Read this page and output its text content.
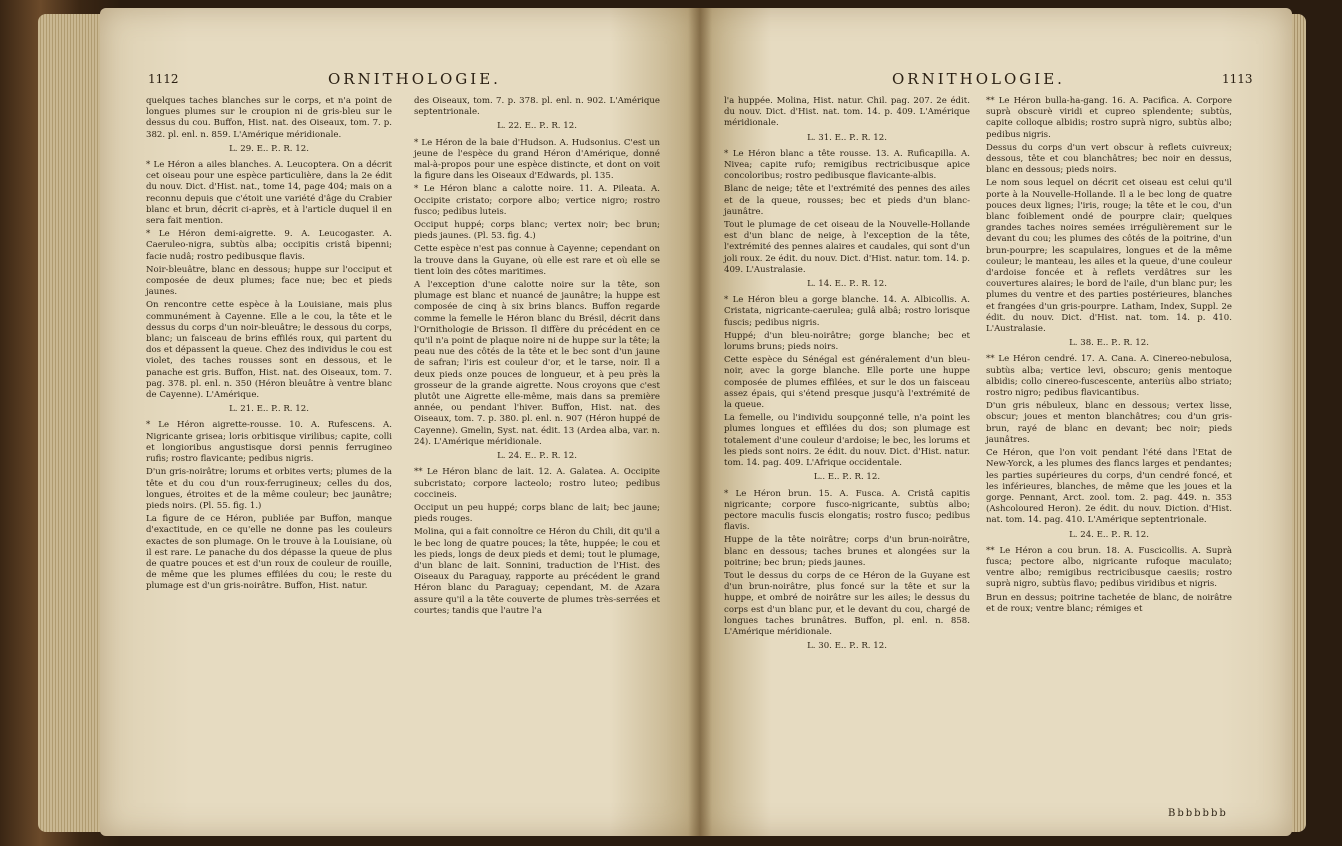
1112	ORNITHOLOGIE.

quelques taches blanches sur le corps, et n'a point de longues plumes sur le croupion ni de gris-bleu sur le dessus du cou. Buffon, Hist. nat. des Oiseaux, tom. 7. p. 382. pl. enl. n. 859. L'Amérique méridionale.

L. 29. E.. P.. R. 12.

* Le Héron a ailes blanches. A. Leucoptera. On a décrit cet oiseau pour une espèce particulière, dans la 2e édit du nouv. Dict. d'Hist. nat., tome 14, page 404; mais on a reconnu depuis que c'étoit une variété d'âge du Crabier blanc et brun, décrit ci-après, et à l'article duquel il en sera fait mention.

* Le Héron demi-aigrette. 9. A. Leucogaster. A. Caeruleo-nigra, subtùs alba; occipitis cristâ bipenni; facie nudâ; rostro pedibusque flavis.

Noir-bleuâtre, blanc en dessous; huppe sur l'occiput et composée de deux plumes; face nue; bec et pieds jaunes.

On rencontre cette espèce à la Louisiane, mais plus communément à Cayenne. Elle a le cou, la tête et le dessus du corps d'un noir-bleuâtre; le dessous du corps, blanc; un faisceau de brins effilés roux, qui partent du dos et dépassent la queue. Chez des individus le cou est violet, des taches rousses sont en dessous, et le panache est gris. Buffon, Hist. nat. des Oiseaux, tom. 7. pag. 378. pl. enl. n. 350 (Héron bleuâtre à ventre blanc de Cayenne). L'Amérique.

L. 21. E.. P.. R. 12.

* Le Héron aigrette-rousse. 10. A. Rufescens. A. Nigricante grisea; loris orbitisque virilibus; capite, colli et longioribus angustisque dorsi pennis ferrugineo rufis; rostro flavicante; pedibus nigris.

D'un gris-noirâtre; lorums et orbites verts; plumes de la tête et du cou d'un roux-ferrugineux; celles du dos, longues, étroites et de la même couleur; bec jaunâtre; pieds noirs. (Pl. 55. fig. 1.)

La figure de ce Héron, publiée par Buffon, manque d'exactitude, en ce qu'elle ne donne pas les couleurs exactes de son plumage. On le trouve à la Louisiane, où il est rare. Le panache du dos dépasse la queue de plus de quatre pouces et est d'un roux de couleur de rouille, de même que les plumes effilées du cou; le reste du plumage est d'un gris-noirâtre. Buffon, Hist. natur.

des Oiseaux, tom. 7. p. 378. pl. enl. n. 902. L'Amérique septentrionale.

L. 22. E.. P.. R. 12.

* Le Héron de la baie d'Hudson. A. Hudsonius. C'est un jeune de l'espèce du grand Héron d'Amérique, donné mal-à-propos pour une espèce distincte, et dont on voit la figure dans les Oiseaux d'Edwards, pl. 135.

* Le Héron blanc a calotte noire. 11. A. Pileata. A. Occipite cristato; corpore albo; vertice nigro; rostro fusco; pedibus luteis.

Occiput huppé; corps blanc; vertex noir; bec brun; pieds jaunes. (Pl. 53. fig. 4.)

Cette espèce n'est pas connue à Cayenne; cependant on la trouve dans la Guyane, où elle est rare et où elle se tient loin des côtes maritimes.

A l'exception d'une calotte noire sur la tête, son plumage est blanc et nuancé de jaunâtre; la huppe est composée de cinq à six brins blancs. Buffon regarde comme la femelle le Héron blanc du Brésil, décrit dans l'Ornithologie de Brisson. Il diffère du précédent en ce qu'il n'a point de plaque noire ni de huppe sur la tête; la peau nue des côtés de la tête et le bec sont d'un jaune de safran; l'iris est couleur d'or, et le tarse, noir. Il a deux pieds onze pouces de longueur, et à peu près la grosseur de la grande aigrette. Nous croyons que c'est plutôt une Aigrette elle-même, mais dans sa première année, ou pendant l'hiver. Buffon, Hist. nat. des Oiseaux, tom. 7. p. 380. pl. enl. n. 907 (Héron huppé de Cayenne). Gmelin, Syst. nat. édit. 13 (Ardea alba, var. n. 24). L'Amérique méridionale.

L. 24. E.. P.. R. 12.

** Le Héron blanc de lait. 12. A. Galatea. A. Occipite subcristato; corpore lacteolo; rostro luteo; pedibus coccineis.

Occiput un peu huppé; corps blanc de lait; bec jaune; pieds rouges.

Molina, qui a fait connoître ce Héron du Chili, dit qu'il a le bec long de quatre pouces; la tête, huppée; le cou et les pieds, longs de deux pieds et demi; tout le plumage, d'un blanc de lait. Sonnini, traduction de l'Hist. des Oiseaux du Paraguay, rapporte au précédent le grand Héron blanc du Paraguay; cependant, M. de Azara assure qu'il a la tête couverte de plumes très-serrées et courtes; tandis que l'autre l'a

ORNITHOLOGIE.	1113

l'a huppée. Molina, Hist. natur. Chil. pag. 207. 2e édit. du nouv. Dict. d'Hist. nat. tom. 14. p. 409. L'Amérique méridionale.

L. 31. E.. P.. R. 12.

* Le Héron blanc a tête rousse. 13. A. Ruficapilla. A. Nivea; capite rufo; remigibus rectricibusque apice concoloribus; rostro pedibusque flavicante-albis.

Blanc de neige; tête et l'extrémité des pennes des ailes et de la queue, rousses; bec et pieds d'un blanc-jaunâtre.

Tout le plumage de cet oiseau de la Nouvelle-Hollande est d'un blanc de neige, à l'exception de la tête, l'extrémité des pennes alaires et caudales, qui sont d'un joli roux. 2e édit. du nouv. Dict. d'Hist. natur. tom. 14. p. 409. L'Australasie.

L. 14. E.. P.. R. 12.

* Le Héron bleu a gorge blanche. 14. A. Albicollis. A. Cristata, nigricante-caerulea; gulâ albâ; rostro lorisque fuscis; pedibus nigris.

Huppé; d'un bleu-noirâtre; gorge blanche; bec et lorums bruns; pieds noirs.

Cette espèce du Sénégal est généralement d'un bleu-noir, avec la gorge blanche. Elle porte une huppe composée de plumes effilées, et sur le dos un faisceau assez épais, qui s'étend presque jusqu'à l'extrémité de la queue.

La femelle, ou l'individu soupçonné telle, n'a point les plumes longues et effilées du dos; son plumage est totalement d'une couleur d'ardoise; le bec, les lorums et les pieds sont noirs. 2e édit. du nouv. Dict. d'Hist. natur. tom. 14. pag. 409. L'Afrique occidentale.

L.. E.. P.. R. 12.

* Le Héron brun. 15. A. Fusca. A. Cristâ capitis nigricante; corpore fusco-nigricante, subtùs albo; pectore maculis fuscis elongatis; rostro fusco; pedibus flavis.

Huppe de la tête noirâtre; corps d'un brun-noirâtre, blanc en dessous; taches brunes et alongées sur la poitrine; bec brun; pieds jaunes.

Tout le dessus du corps de ce Héron de la Guyane est d'un brun-noirâtre, plus foncé sur la tête et sur la huppe, et ombré de noirâtre sur les ailes; le dessus du corps est d'un blanc pur, et le devant du cou, chargé de longues taches brunâtres. Buffon, pl. enl. n. 858. L'Amérique méridionale.

L. 30. E.. P.. R. 12.

** Le Héron bulla-ha-gang. 16. A. Pacifica. A. Corpore suprà obscurè viridi et cupreo splendente; subtùs, capite colloque albidis; rostro suprà nigro, subtùs albo; pedibus nigris.

Dessus du corps d'un vert obscur à reflets cuivreux; dessous, tête et cou blanchâtres; bec noir en dessus, blanc en dessous; pieds noirs.

Le nom sous lequel on décrit cet oiseau est celui qu'il porte à la Nouvelle-Hollande. Il a le bec long de quatre pouces deux lignes; l'iris, rouge; la tête et le cou, d'un blanc foiblement ondé de pourpre clair; quelques grandes taches noires semées irrégulièrement sur le devant du cou; les plumes des côtés de la poitrine, d'un brun-pourpre; les scapulaires, longues et de la même couleur; le manteau, les ailes et la queue, d'une couleur d'ardoise foncée et à reflets verdâtres sur les couvertures alaires; le bord de l'aile, d'un blanc pur; les plumes du ventre et des parties postérieures, blanches et frangées d'un gris-pourpre. Latham, Index, Suppl. 2e édit. du nouv. Dict. d'Hist. nat. tom. 14. p. 410. L'Australasie.

L. 38. E.. P.. R. 12.

** Le Héron cendré. 17. A. Cana. A. Cinereo-nebulosa, subtùs alba; vertice levi, obscuro; genis mentoque albidis; collo cinereo-fuscescente, anteriùs albo striato; rostro nigro; pedibus flavicantibus.

D'un gris nébuleux, blanc en dessous; vertex lisse, obscur; joues et menton blanchâtres; cou d'un gris-brun, rayé de blanc en devant; bec noir; pieds jaunâtres.

Ce Héron, que l'on voit pendant l'été dans l'Etat de New-Yorck, a les plumes des flancs larges et pendantes; les parties supérieures du corps, d'un cendré foncé, et les inférieures, blanches, de même que les joues et la gorge. Pennant, Arct. zool. tom. 2. pag. 449. n. 353 (Ashcoloured Heron). 2e édit. du nouv. Diction. d'Hist. nat. tom. 14. pag. 410. L'Amérique septentrionale.

L. 24. E.. P.. R. 12.

** Le Héron a cou brun. 18. A. Fuscicollis. A. Suprà fusca; pectore albo, nigricante rufoque maculato; ventre albo; remigibus rectricibusque caesiis; rostro suprà nigro, subtùs flavo; pedibus viridibus et nigris.

Brun en dessus; poitrine tachetée de blanc, de noirâtre et de roux; ventre blanc; rémiges et

Bbbbbbb
